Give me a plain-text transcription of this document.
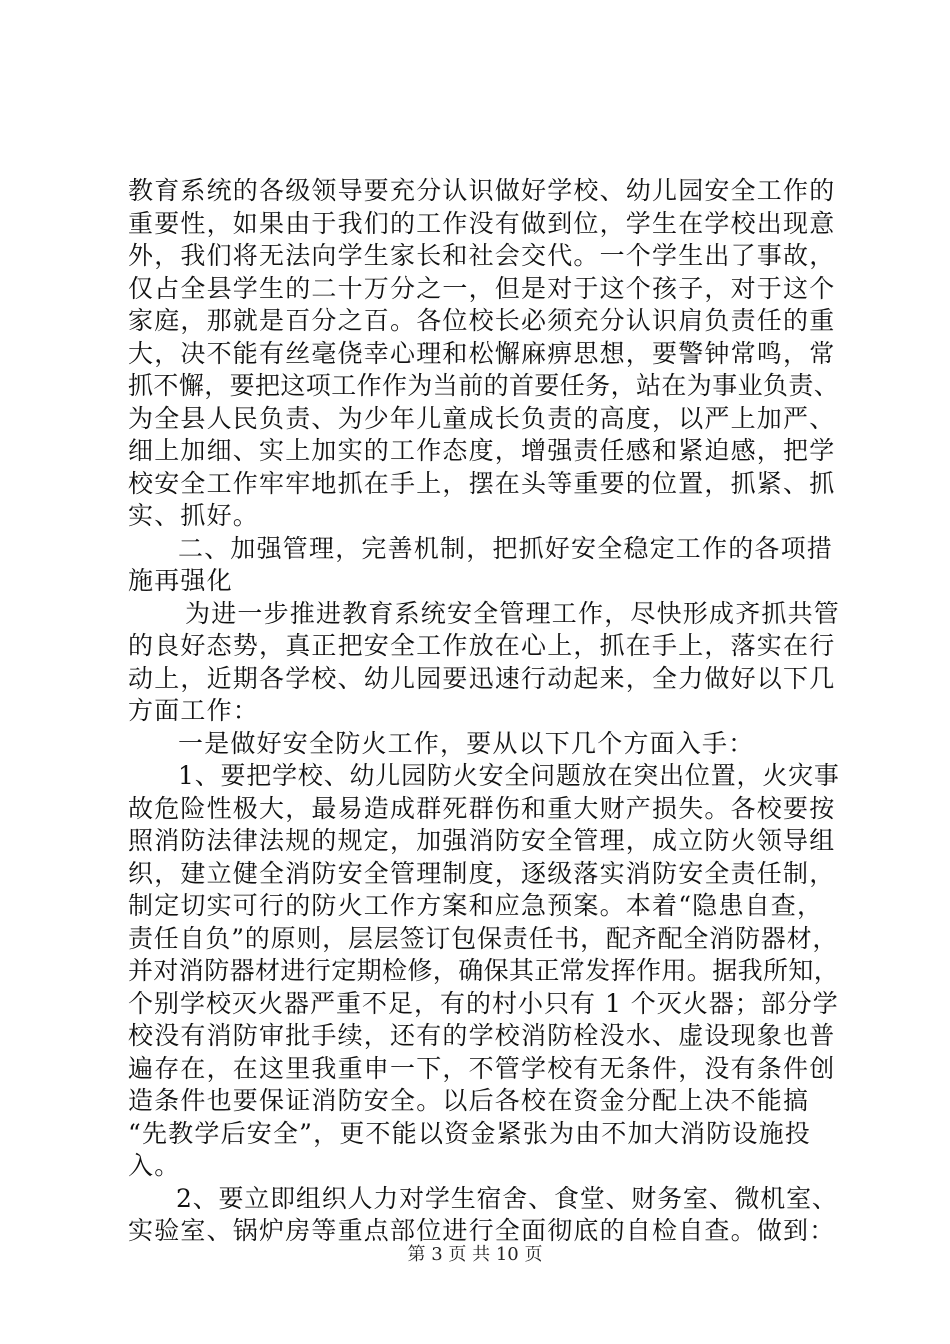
教育系统的各级领导要充分认识做好学校、幼儿园安全工作的
重要性，如果由于我们的工作没有做到位，学生在学校出现意
外，我们将无法向学生家长和社会交代。一个学生出了事故，
仅占全县学生的二十万分之一，但是对于这个孩子，对于这个
家庭，那就是百分之百。各位校长必须充分认识肩负责任的重
大，决不能有丝毫侥幸心理和松懈麻痹思想，要警钟常鸣，常
抓不懈，要把这项工作作为当前的首要任务，站在为事业负责、
为全县人民负责、为少年儿童成长负责的高度，以严上加严、
细上加细、实上加实的工作态度，增强责任感和紧迫感，把学
校安全工作牢牢地抓在手上，摆在头等重要的位置，抓紧、抓
实、抓好。
二、加强管理，完善机制，把抓好安全稳定工作的各项措
施再强化
为进一步推进教育系统安全管理工作，尽快形成齐抓共管
的良好态势，真正把安全工作放在心上，抓在手上，落实在行
动上，近期各学校、幼儿园要迅速行动起来，全力做好以下几
方面工作：
一是做好安全防火工作，要从以下几个方面入手：
1、要把学校、幼儿园防火安全问题放在突出位置，火灾事
故危险性极大，最易造成群死群伤和重大财产损失。各校要按
照消防法律法规的规定，加强消防安全管理，成立防火领导组
织，建立健全消防安全管理制度，逐级落实消防安全责任制，
制定切实可行的防火工作方案和应急预案。本着“隐患自查，
责任自负”的原则，层层签订包保责任书，配齐配全消防器材，
并对消防器材进行定期检修，确保其正常发挥作用。据我所知，
个别学校灭火器严重不足，有的村小只有 1 个灭火器；部分学
校没有消防审批手续，还有的学校消防栓没水、虚设现象也普
遍存在，在这里我重申一下，不管学校有无条件，没有条件创
造条件也要保证消防安全。以后各校在资金分配上决不能搞
“先教学后安全”，更不能以资金紧张为由不加大消防设施投
入。
2、要立即组织人力对学生宿舍、食堂、财务室、微机室、
实验室、锅炉房等重点部位进行全面彻底的自检自查。做到：
第 3 页 共 10 页
